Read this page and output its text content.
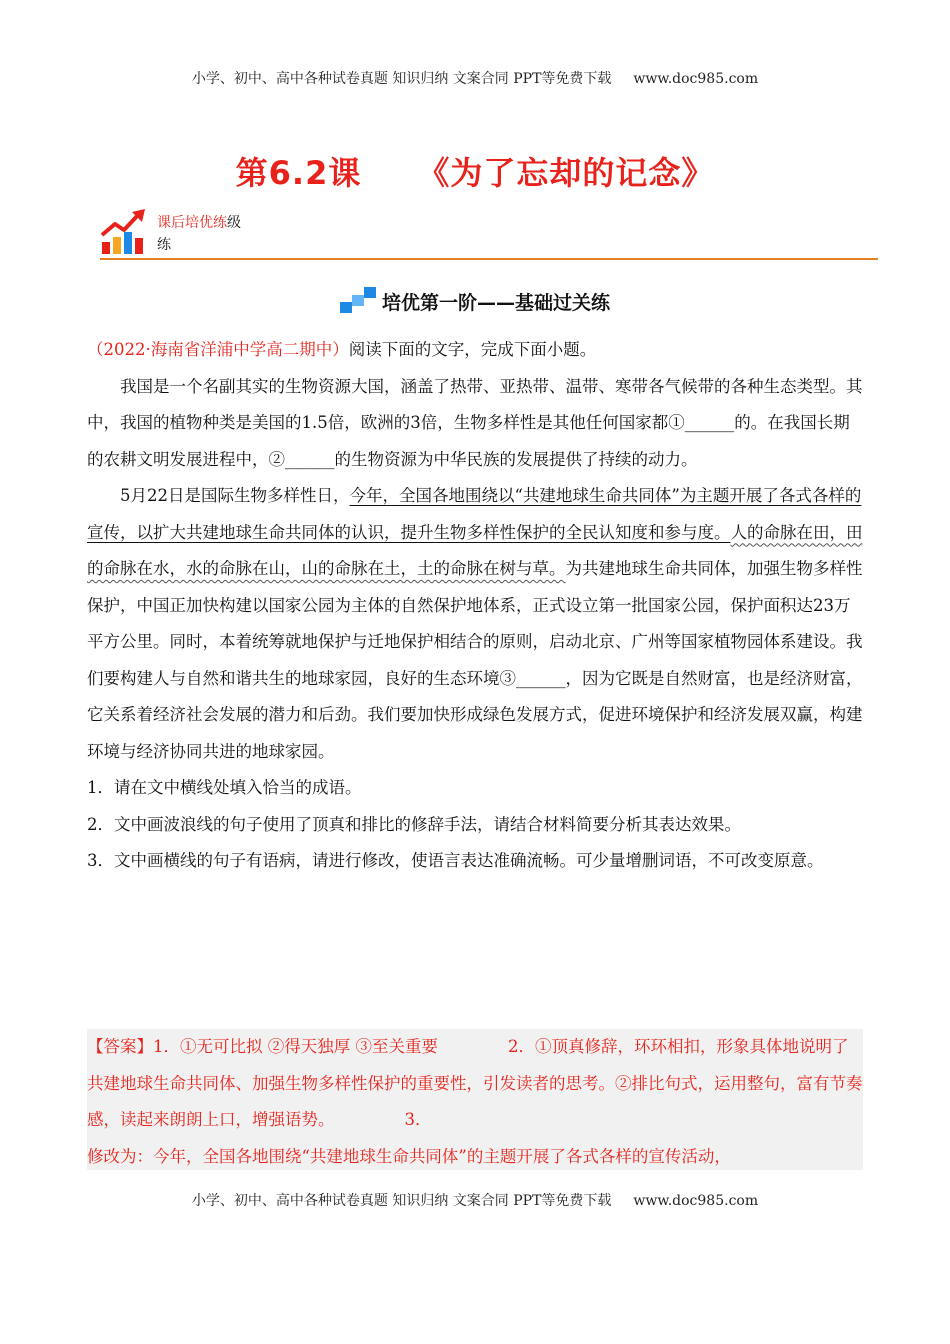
小学、初中、高中各种试卷真题 知识归纳 文案合同 PPT等免费下载 www.doc985.com
第6.2课 《为了忘却的记念》
课后培优练级
练
培优第一阶——基础过关练

（2022·海南省洋浦中学高二期中）阅读下面的文字，完成下面小题。

我国是一个名副其实的生物资源大国，涵盖了热带、亚热带、温带、寒带各气候带的各种生态类型。其中，我国的植物种类是美国的1.5倍，欧洲的3倍，生物多样性是其他任何国家都①______的。在我国长期的农耕文明发展进程中，②______的生物资源为中华民族的发展提供了持续的动力。

5月22日是国际生物多样性日，今年，全国各地围绕以“共建地球生命共同体”为主题开展了各式各样的宣传，以扩大共建地球生命共同体的认识，提升生物多样性保护的全民认知度和参与度。人的命脉在田，田的命脉在水，水的命脉在山，山的命脉在土，土的命脉在树与草。为共建地球生命共同体，加强生物多样性保护，中国正加快构建以国家公园为主体的自然保护地体系，正式设立第一批国家公园，保护面积达23万平方公里。同时，本着统筹就地保护与迁地保护相结合的原则，启动北京、广州等国家植物园体系建设。我们要构建人与自然和谐共生的地球家园，良好的生态环境③______，因为它既是自然财富，也是经济财富，它关系着经济社会发展的潜力和后劲。我们要加快形成绿色发展方式，促进环境保护和经济发展双赢，构建环境与经济协同共进的地球家园。

1．请在文中横线处填入恰当的成语。

2．文中画波浪线的句子使用了顶真和排比的修辞手法，请结合材料简要分析其表达效果。

3．文中画横线的句子有语病，请进行修改，使语言表达准确流畅。可少量增删词语，不可改变原意。

【答案】1．①无可比拟 ②得天独厚 ③至关重要	2．①顶真修辞，环环相扣，形象具体地说明了共建地球生命共同体、加强生物多样性保护的重要性，引发读者的思考。②排比句式，运用整句，富有节奏感，读起来朗朗上口，增强语势。	3．

修改为：今年，全国各地围绕“共建地球生命共同体”的主题开展了各式各样的宣传活动，

小学、初中、高中各种试卷真题 知识归纳 文案合同 PPT等免费下载 www.doc985.com
